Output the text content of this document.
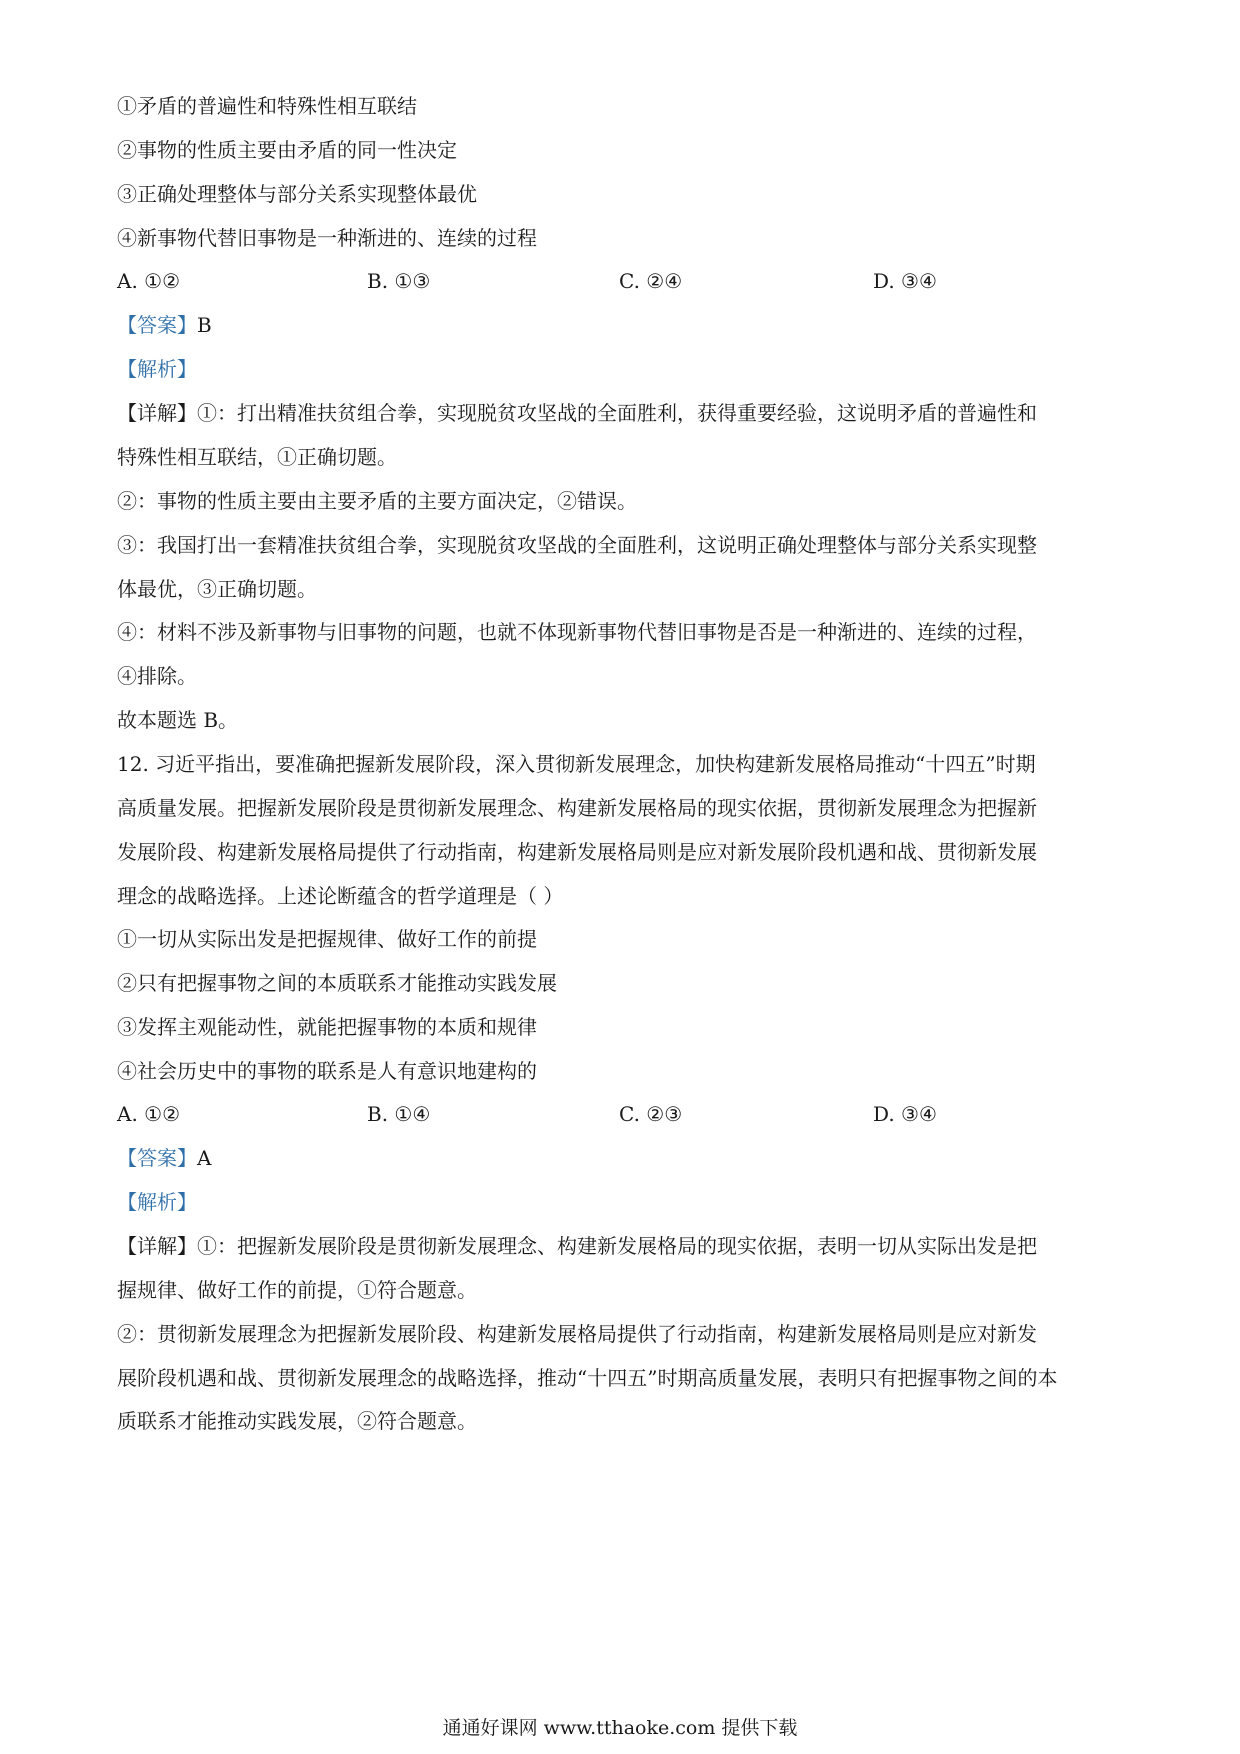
①矛盾的普遍性和特殊性相互联结
②事物的性质主要由矛盾的同一性决定
③正确处理整体与部分关系实现整体最优
④新事物代替旧事物是一种渐进的、连续的过程
A. ①②	B. ①③	C. ②④	D. ③④
【答案】B
【解析】
【详解】①：打出精准扶贫组合拳，实现脱贫攻坚战的全面胜利，获得重要经验，这说明矛盾的普遍性和
特殊性相互联结，①正确切题。
②：事物的性质主要由主要矛盾的主要方面决定，②错误。
③：我国打出一套精准扶贫组合拳，实现脱贫攻坚战的全面胜利，这说明正确处理整体与部分关系实现整
体最优，③正确切题。
④：材料不涉及新事物与旧事物的问题，也就不体现新事物代替旧事物是否是一种渐进的、连续的过程，
④排除。
故本题选 B。
12. 习近平指出，要准确把握新发展阶段，深入贯彻新发展理念，加快构建新发展格局推动“十四五”时期
高质量发展。把握新发展阶段是贯彻新发展理念、构建新发展格局的现实依据，贯彻新发展理念为把握新
发展阶段、构建新发展格局提供了行动指南，构建新发展格局则是应对新发展阶段机遇和战、贯彻新发展
理念的战略选择。上述论断蕴含的哲学道理是（ ）
①一切从实际出发是把握规律、做好工作的前提
②只有把握事物之间的本质联系才能推动实践发展
③发挥主观能动性，就能把握事物的本质和规律
④社会历史中的事物的联系是人有意识地建构的
A. ①②	B. ①④	C. ②③	D. ③④
【答案】A
【解析】
【详解】①：把握新发展阶段是贯彻新发展理念、构建新发展格局的现实依据，表明一切从实际出发是把
握规律、做好工作的前提，①符合题意。
②：贯彻新发展理念为把握新发展阶段、构建新发展格局提供了行动指南，构建新发展格局则是应对新发
展阶段机遇和战、贯彻新发展理念的战略选择，推动“十四五”时期高质量发展，表明只有把握事物之间的本
质联系才能推动实践发展，②符合题意。
通通好课网 www.tthaoke.com 提供下载
